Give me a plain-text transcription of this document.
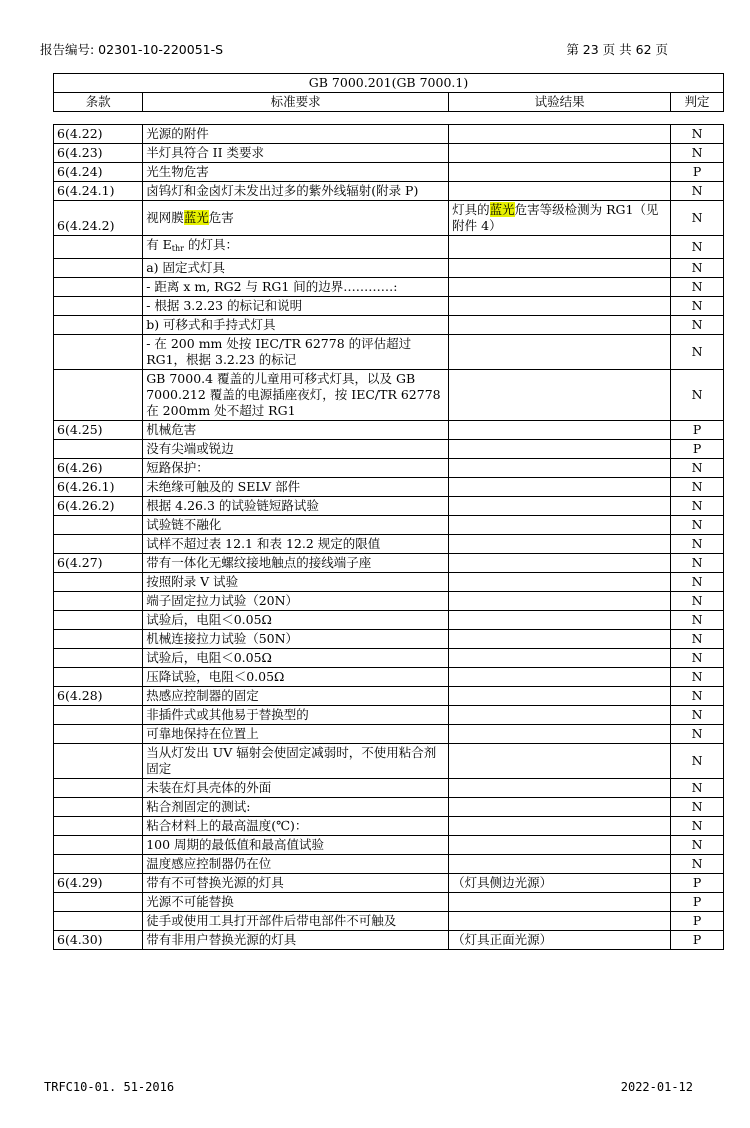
报告编号: 02301-10-220051-S	第 23 页 共 62 页
GB 7000.201(GB 7000.1)			
条款	标准要求	试验结果	判定

6(4.22)	光源的附件		N
6(4.23)	半灯具符合 II 类要求		N
6(4.24)	光生物危害		P
6(4.24.1)	卤钨灯和金卤灯未发出过多的紫外线辐射(附录 P)		N
6(4.24.2)	视网膜蓝光危害	灯具的蓝光危害等级检测为 RG1（见附件 4）	N
	有 $E_{thr}$ 的灯具：		N
	a) 固定式灯具		N
	- 距离 x m, RG2 与 RG1 间的边界…………:		N
	- 根据 3.2.23 的标记和说明		N
	b) 可移式和手持式灯具		N
	- 在 200 mm 处按 IEC/TR 62778 的评估超过 RG1，根据 3.2.23 的标记		N
	GB 7000.4 覆盖的儿童用可移式灯具，以及 GB 7000.212 覆盖的电源插座夜灯，按 IEC/TR 62778 在 200mm 处不超过 RG1		N
6(4.25)	机械危害		P
	没有尖端或锐边		P
6(4.26)	短路保护：		N
6(4.26.1)	未绝缘可触及的 SELV 部件		N
6(4.26.2)	根据 4.26.3 的试验链短路试验		N
	试验链不融化		N
	试样不超过表 12.1 和表 12.2 规定的限值		N
6(4.27)	带有一体化无螺纹接地触点的接线端子座		N
	按照附录 V 试验		N
	端子固定拉力试验（20N）		N
	试验后，电阻＜0.05Ω		N
	机械连接拉力试验（50N）		N
	试验后，电阻＜0.05Ω		N
	压降试验，电阻＜0.05Ω		N
6(4.28)	热感应控制器的固定		N
	非插件式或其他易于替换型的		N
	可靠地保持在位置上		N
	当从灯发出 UV 辐射会使固定减弱时，不使用粘合剂固定		N
	未装在灯具壳体的外面		N
	粘合剂固定的测试:		N
	粘合材料上的最高温度(℃)：		N
	100 周期的最低值和最高值试验		N
	温度感应控制器仍在位		N
6(4.29)	带有不可替换光源的灯具	（灯具侧边光源）	P
	光源不可能替换		P
	徒手或使用工具打开部件后带电部件不可触及		P
6(4.30)	带有非用户替换光源的灯具	（灯具正面光源）	P
TRFC10-01. 51-2016	2022-01-12
